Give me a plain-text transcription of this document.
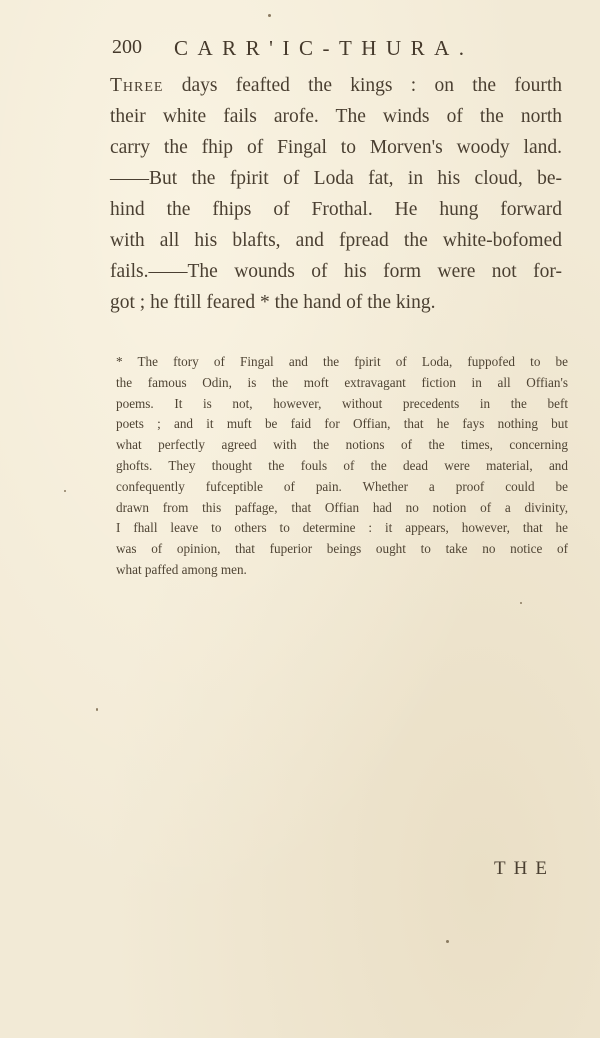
200 CARR'IC-THURA.
Three days feafted the kings : on the fourth
their white fails arofe. The winds of the north
carry the fhip of Fingal to Morven's woody land.
——But the fpirit of Loda fat, in his cloud, be-
hind the fhips of Frothal. He hung forward
with all his blafts, and fpread the white-bofomed
fails.——The wounds of his form were not for-
got ; he ftill feared * the hand of the king.
* The ftory of Fingal and the fpirit of Loda, fuppofed to be
the famous Odin, is the moft extravagant fiction in all Offian's
poems. It is not, however, without precedents in the beft
poets ; and it muft be faid for Offian, that he fays nothing but
what perfectly agreed with the notions of the times, concerning
ghofts. They thought the fouls of the dead were material, and
confequently fufceptible of pain. Whether a proof could be
drawn from this paffage, that Offian had no notion of a divinity,
I fhall leave to others to determine : it appears, however, that he
was of opinion, that fuperior beings ought to take no notice of
what paffed among men.
THE
